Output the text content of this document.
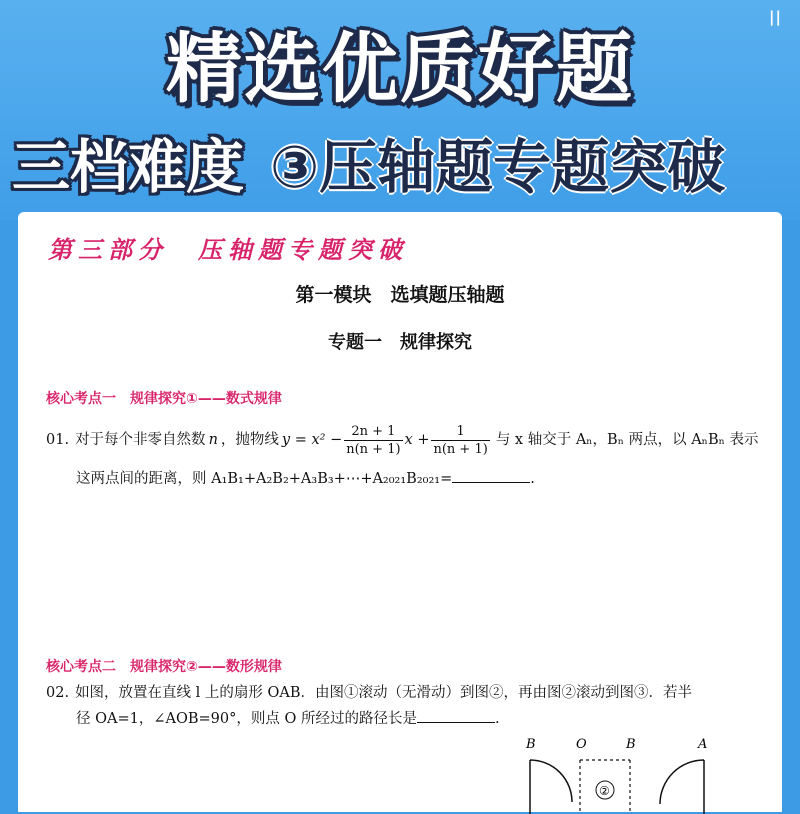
||
精选优质好题
三档难度 ③压轴题专题突破
第三部分　压轴题专题突破
第一模块　选填题压轴题
专题一　规律探究
核心考点一　规律探究①——数式规律
01. 对于每个非零自然数 n ，抛物线 $y = x^2 - \frac{2n + 1}{n(n + 1)}$ $x + \frac{1}{n(n + 1)}$ 与 x 轴交于 Aₙ，Bₙ 两点，以 AₙBₙ 表示
这两点间的距离，则 A₁B₁+A₂B₂+A₃B₃+⋯+A₂₀₂₁B₂₀₂₁=	.
核心考点二　规律探究②——数形规律
02. 如图，放置在直线 l 上的扇形 OAB．由图①滚动（无滑动）到图②，再由图②滚动到图③．若半
径 OA=1，∠AOB=90°，则点 O 所经过的路径长是	.
B	O	B	A
②
